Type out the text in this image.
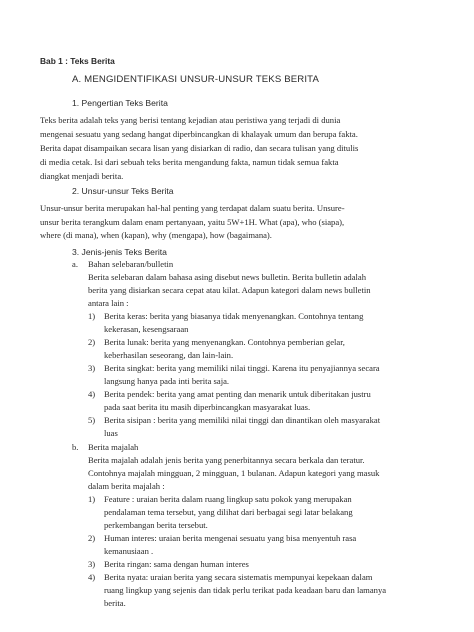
Bab 1 : Teks Berita
A. MENGIDENTIFIKASI UNSUR-UNSUR TEKS BERITA
1. Pengertian Teks Berita
Teks berita adalah teks yang berisi tentang kejadian atau peristiwa yang terjadi di dunia
mengenai sesuatu yang sedang hangat diperbincangkan di khalayak umum dan berupa fakta.
Berita dapat disampaikan secara lisan yang disiarkan di radio, dan secara tulisan yang ditulis
di media cetak. Isi dari sebuah teks berita mengandung fakta, namun tidak semua fakta
diangkat menjadi berita.
2. Unsur-unsur Teks Berita
Unsur-unsur berita merupakan hal-hal penting yang terdapat dalam suatu berita. Unsure-
unsur berita terangkum dalam enam pertanyaan, yaitu 5W+1H. What (apa), who (siapa),
where (di mana), when (kapan), why (mengapa), how (bagaimana).
3. Jenis-jenis Teks Berita
a. Bahan selebaran/bulletin
Berita selebaran dalam bahasa asing disebut news bulletin. Berita bulletin adalah
berita yang disiarkan secara cepat atau kilat. Adapun kategori dalam news bulletin
antara lain :
1) Berita keras: berita yang biasanya tidak menyenangkan. Contohnya tentang
kekerasan, kesengsaraan
2) Berita lunak: berita yang menyenangkan. Contohnya pemberian gelar,
keberhasilan seseorang, dan lain-lain.
3) Berita singkat: berita yang memiliki nilai tinggi. Karena itu penyajiannya secara
langsung hanya pada inti berita saja.
4) Berita pendek: berita yang amat penting dan menarik untuk diberitakan justru
pada saat berita itu masih diperbincangkan masyarakat luas.
5) Berita sisipan : berita yang memiliki nilai tinggi dan dinantikan oleh masyarakat
luas
b. Berita majalah
Berita majalah adalah jenis berita yang penerbitannya secara berkala dan teratur.
Contohnya majalah mingguan, 2 mingguan, 1 bulanan. Adapun kategori yang masuk
dalam berita majalah :
1) Feature : uraian berita dalam ruang lingkup satu pokok yang merupakan
pendalaman tema tersebut, yang dilihat dari berbagai segi latar belakang
perkembangan berita tersebut.
2) Human interes: uraian berita mengenai sesuatu yang bisa menyentuh rasa
kemanusiaan .
3) Berita ringan: sama dengan human interes
4) Berita nyata: uraian berita yang secara sistematis mempunyai kepekaan dalam
ruang lingkup yang sejenis dan tidak perlu terikat pada keadaan baru dan lamanya
berita.
